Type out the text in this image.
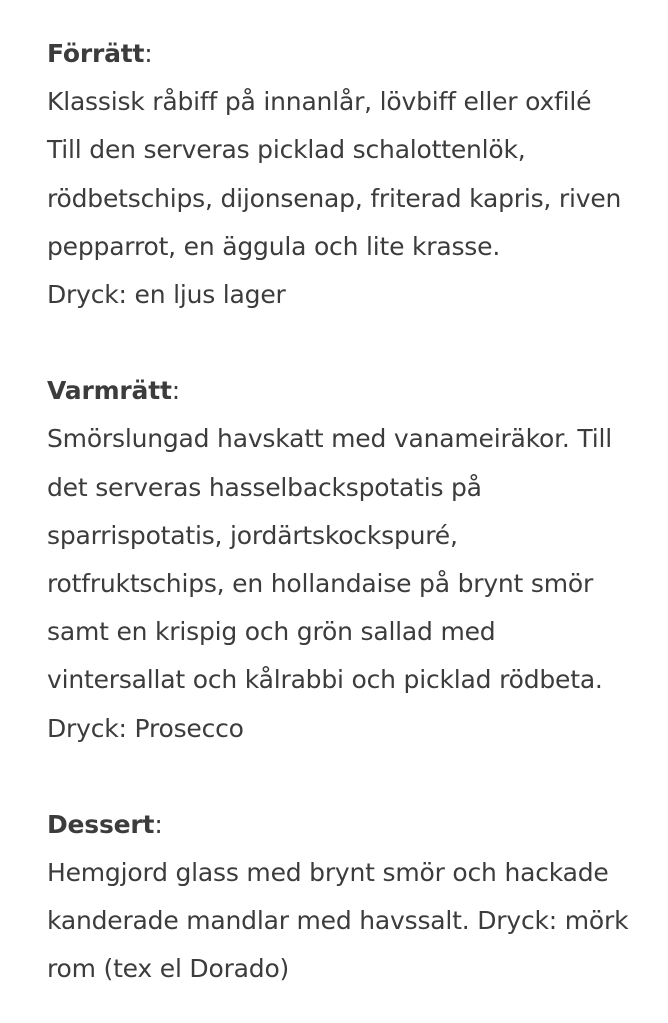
Förrätt:
Klassisk råbiff på innanlår, lövbiff eller oxfilé
Till den serveras picklad schalottenlök,
rödbetschips, dijonsenap, friterad kapris, riven
pepparrot, en äggula och lite krasse.
Dryck: en ljus lager
Varmrätt:
Smörslungad havskatt med vanameiräkor. Till
det serveras hasselbackspotatis på
sparrispotatis, jordärtskockspuré,
rotfruktschips, en hollandaise på brynt smör
samt en krispig och grön sallad med
vintersallat och kålrabbi och picklad rödbeta.
Dryck: Prosecco
Dessert:
Hemgjord glass med brynt smör och hackade
kanderade mandlar med havssalt. Dryck: mörk
rom (tex el Dorado)
